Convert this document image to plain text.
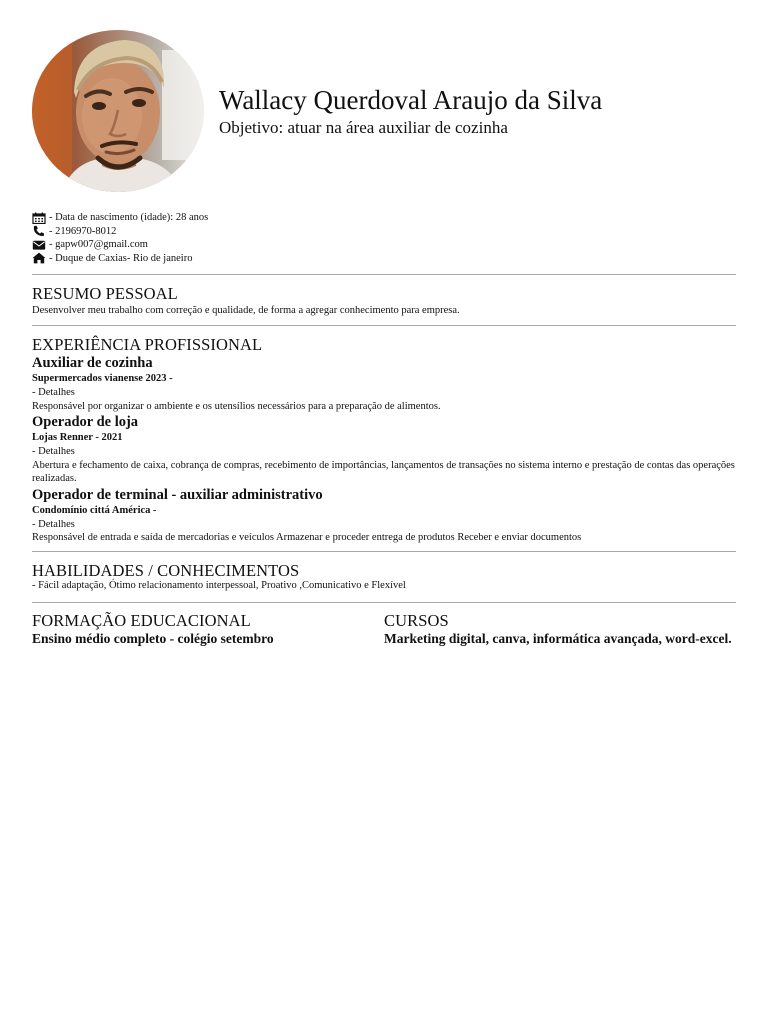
Wallacy Querdoval Araujo da Silva
Objetivo: atuar na área auxiliar de cozinha
- Data de nascimento (idade): 28 anos
- 2196970-8012
- gapw007@gmail.com
- Duque de Caxias- Rio de janeiro
RESUMO PESSOAL
Desenvolver meu trabalho com correção e qualidade, de forma a agregar conhecimento para empresa.
EXPERIÊNCIA PROFISSIONAL
Auxiliar de cozinha
Supermercados vianense 2023 -
- Detalhes
Responsável por organizar o ambiente e os utensílios necessários para a preparação de alimentos.
Operador de loja
Lojas Renner - 2021
- Detalhes
Abertura e fechamento de caixa, cobrança de compras, recebimento de importâncias, lançamentos de transações no sistema interno e prestação de contas das operações realizadas.
Operador de terminal - auxiliar administrativo
Condomínio cittá América -
- Detalhes
Responsável de entrada e saída de mercadorias e veículos Armazenar e proceder entrega de produtos Receber e enviar documentos
HABILIDADES / CONHECIMENTOS
- Fácil adaptação, Ótimo relacionamento interpessoal, Proativo ,Comunicativo e Flexível
FORMAÇÃO EDUCACIONAL
Ensino médio completo - colégio setembro
CURSOS
Marketing digital, canva, informática avançada, word-excel.
